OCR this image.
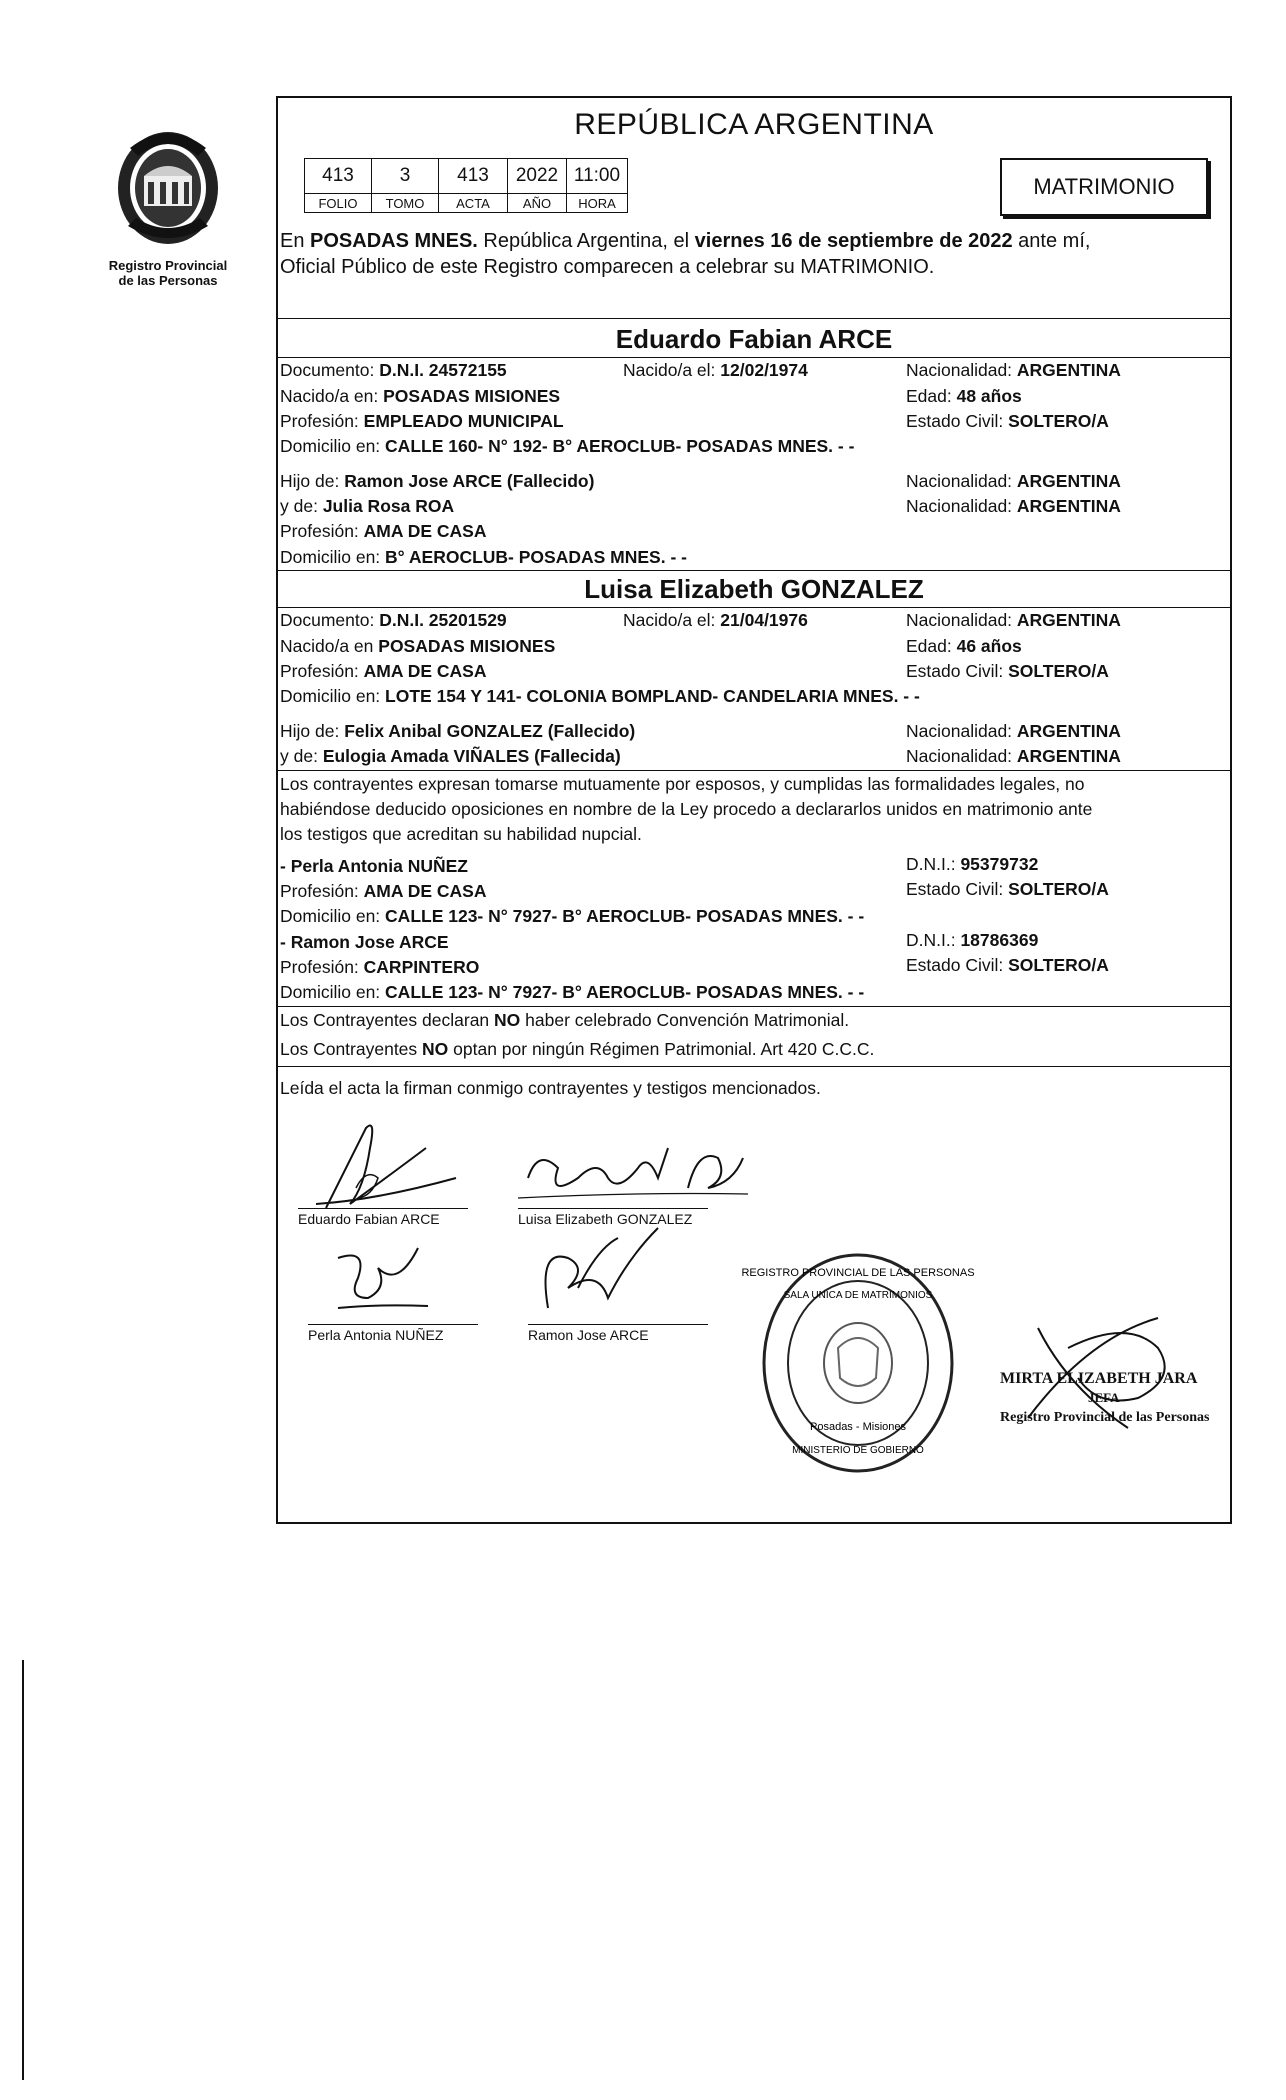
Registro Provincial
de las Personas
REPÚBLICA ARGENTINA
413	3	413	2022	11:00
FOLIO	TOMO	ACTA	AÑO	HORA
MATRIMONIO
En POSADAS MNES. República Argentina, el viernes 16 de septiembre de 2022 ante mí,
Oficial Público de este Registro comparecen a celebrar su MATRIMONIO.
Eduardo Fabian ARCE
Documento: D.N.I. 24572155	Nacido/a el: 12/02/1974	Nacionalidad: ARGENTINA
Nacido/a en: POSADAS MISIONES	Edad: 48 años
Profesión: EMPLEADO MUNICIPAL	Estado Civil: SOLTERO/A
Domicilio en: CALLE 160- N° 192- B° AEROCLUB- POSADAS MNES. - -
Hijo de: Ramon Jose ARCE (Fallecido)	Nacionalidad: ARGENTINA
y de: Julia Rosa ROA	Nacionalidad: ARGENTINA
Profesión: AMA DE CASA
Domicilio en: B° AEROCLUB- POSADAS MNES. - -
Luisa Elizabeth GONZALEZ
Documento: D.N.I. 25201529	Nacido/a el: 21/04/1976	Nacionalidad: ARGENTINA
Nacido/a en POSADAS MISIONES	Edad: 46 años
Profesión: AMA DE CASA	Estado Civil: SOLTERO/A
Domicilio en: LOTE 154 Y 141- COLONIA BOMPLAND- CANDELARIA MNES. - -
Hijo de: Felix Anibal GONZALEZ (Fallecido)	Nacionalidad: ARGENTINA
y de: Eulogia Amada VIÑALES (Fallecida)	Nacionalidad: ARGENTINA
Los contrayentes expresan tomarse mutuamente por esposos, y cumplidas las formalidades legales, no
habiéndose deducido oposiciones en nombre de la Ley procedo a declararlos unidos en matrimonio ante
los testigos que acreditan su habilidad nupcial.
- Perla Antonia NUÑEZ	D.N.I.: 95379732
Profesión: AMA DE CASA	Estado Civil: SOLTERO/A
Domicilio en: CALLE 123- N° 7927- B° AEROCLUB- POSADAS MNES. - -
- Ramon Jose ARCE	D.N.I.: 18786369
Profesión: CARPINTERO	Estado Civil: SOLTERO/A
Domicilio en: CALLE 123- N° 7927- B° AEROCLUB- POSADAS MNES. - -
Los Contrayentes declaran NO haber celebrado Convención Matrimonial.
Los Contrayentes NO optan por ningún Régimen Patrimonial. Art 420 C.C.C.
Leída el acta la firman conmigo contrayentes y testigos mencionados.
Eduardo Fabian ARCE	Luisa Elizabeth GONZALEZ
Perla Antonia NUÑEZ	Ramon Jose ARCE
REGISTRO PROVINCIAL DE LAS PERSONAS
SALA UNICA DE MATRIMONIOS
Posadas - Misiones
MINISTERIO DE GOBIERNO
MIRTA ELIZABETH JARA
JEFA
Registro Provincial de las Personas
